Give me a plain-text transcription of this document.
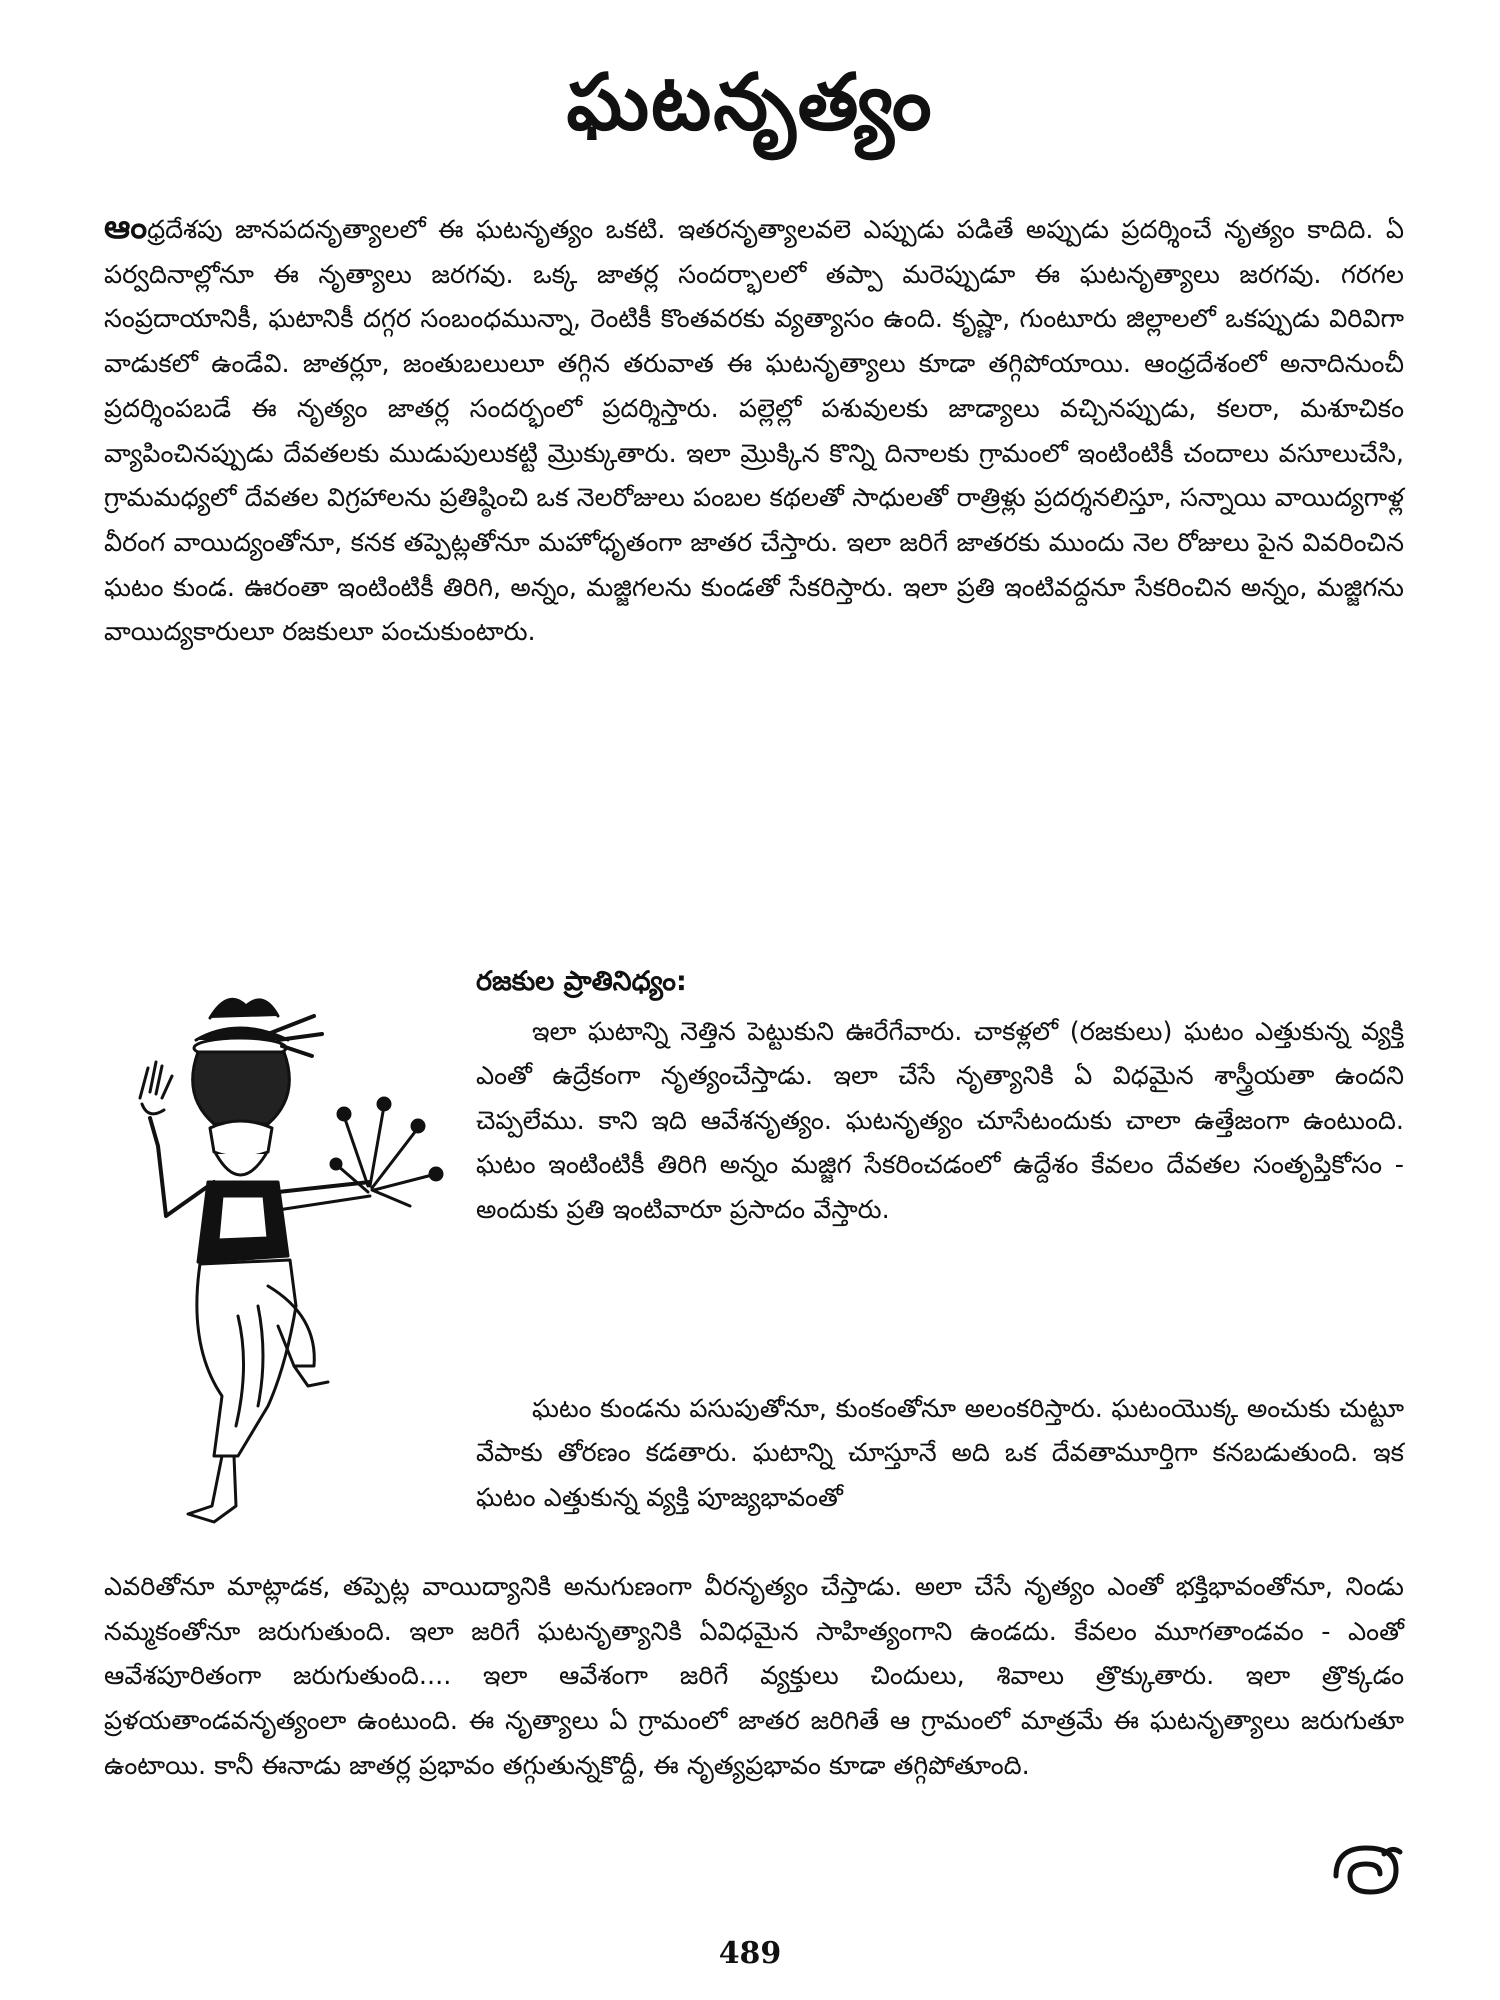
ఘటనృత్యం

ఆంధ్రదేశపు జానపదనృత్యాలలో ఈ ఘటనృత్యం ఒకటి. ఇతరనృత్యాలవలె ఎప్పుడు పడితే అప్పుడు ప్రదర్శించే నృత్యం కాదిది. ఏ పర్వదినాల్లోనూ ఈ నృత్యాలు జరగవు. ఒక్క జాతర్ల సందర్భాలలో తప్పా మరెప్పుడూ ఈ ఘటనృత్యాలు జరగవు. గరగల సంప్రదాయానికీ, ఘటానికీ దగ్గర సంబంధమున్నా, రెంటికీ కొంతవరకు వ్యత్యాసం ఉంది. కృష్ణా, గుంటూరు జిల్లాలలో ఒకప్పుడు విరివిగా వాడుకలో ఉండేవి. జాతర్లూ, జంతుబలులూ తగ్గిన తరువాత ఈ ఘటనృత్యాలు కూడా తగ్గిపోయాయి. ఆంధ్రదేశంలో అనాదినుంచీ ప్రదర్శింపబడే ఈ నృత్యం జాతర్ల సందర్భంలో ప్రదర్శిస్తారు. పల్లెల్లో పశువులకు జాడ్యాలు వచ్చినప్పుడు, కలరా, మశూచికం వ్యాపించినప్పుడు దేవతలకు ముడుపులుకట్టి మ్రొక్కుతారు. ఇలా మ్రొక్కిన కొన్ని దినాలకు గ్రామంలో ఇంటింటికీ చందాలు వసూలుచేసి, గ్రామమధ్యలో దేవతల విగ్రహాలను ప్రతిష్ఠించి ఒక నెలరోజులు పంబల కథలతో సాధులతో రాత్రిళ్లు ప్రదర్శనలిస్తూ, సన్నాయి వాయిద్యగాళ్ల వీరంగ వాయిద్యంతోనూ, కనక తప్పెట్లతోనూ మహోధృతంగా జాతర చేస్తారు. ఇలా జరిగే జాతరకు ముందు నెల రోజులు పైన వివరించిన ఘటం కుండ. ఊరంతా ఇంటింటికీ తిరిగి, అన్నం, మజ్జిగలను కుండతో సేకరిస్తారు. ఇలా ప్రతి ఇంటివద్దనూ సేకరించిన అన్నం, మజ్జిగను వాయిద్యకారులూ రజకులూ పంచుకుంటారు.

రజకుల ప్రాతినిధ్యం:

ఇలా ఘటాన్ని నెత్తిన పెట్టుకుని ఊరేగేవారు. చాకళ్లలో (రజకులు) ఘటం ఎత్తుకున్న వ్యక్తి ఎంతో ఉద్రేకంగా నృత్యంచేస్తాడు. ఇలా చేసే నృత్యానికి ఏ విధమైన శాస్త్రీయతా ఉందని చెప్పలేము. కాని ఇది ఆవేశనృత్యం. ఘటనృత్యం చూసేటందుకు చాలా ఉత్తేజంగా ఉంటుంది. ఘటం ఇంటింటికీ తిరిగి అన్నం మజ్జిగ సేకరించడంలో ఉద్దేశం కేవలం దేవతల సంతృప్తికోసం - అందుకు ప్రతి ఇంటివారూ ప్రసాదం వేస్తారు.

ఘటం కుండను పసుపుతోనూ, కుంకంతోనూ అలంకరిస్తారు. ఘటంయొక్క అంచుకు చుట్టూ వేపాకు తోరణం కడతారు. ఘటాన్ని చూస్తూనే అది ఒక దేవతామూర్తిగా కనబడుతుంది. ఇక ఘటం ఎత్తుకున్న వ్యక్తి పూజ్యభావంతో

ఎవరితోనూ మాట్లాడక, తప్పెట్ల వాయిద్యానికి అనుగుణంగా వీరనృత్యం చేస్తాడు. అలా చేసే నృత్యం ఎంతో భక్తిభావంతోనూ, నిండు నమ్మకంతోనూ జరుగుతుంది. ఇలా జరిగే ఘటనృత్యానికి ఏవిధమైన సాహిత్యంగాని ఉండదు. కేవలం మూగతాండవం - ఎంతో ఆవేశపూరితంగా జరుగుతుంది.... ఇలా ఆవేశంగా జరిగే వ్యక్తులు చిందులు, శివాలు త్రొక్కుతారు. ఇలా త్రొక్కడం ప్రళయతాండవనృత్యంలా ఉంటుంది. ఈ నృత్యాలు ఏ గ్రామంలో జాతర జరిగితే ఆ గ్రామంలో మాత్రమే ఈ ఘటనృత్యాలు జరుగుతూ ఉంటాయి. కానీ ఈనాడు జాతర్ల ప్రభావం తగ్గుతున్నకొద్దీ, ఈ నృత్యప్రభావం కూడా తగ్గిపోతూంది.

489
